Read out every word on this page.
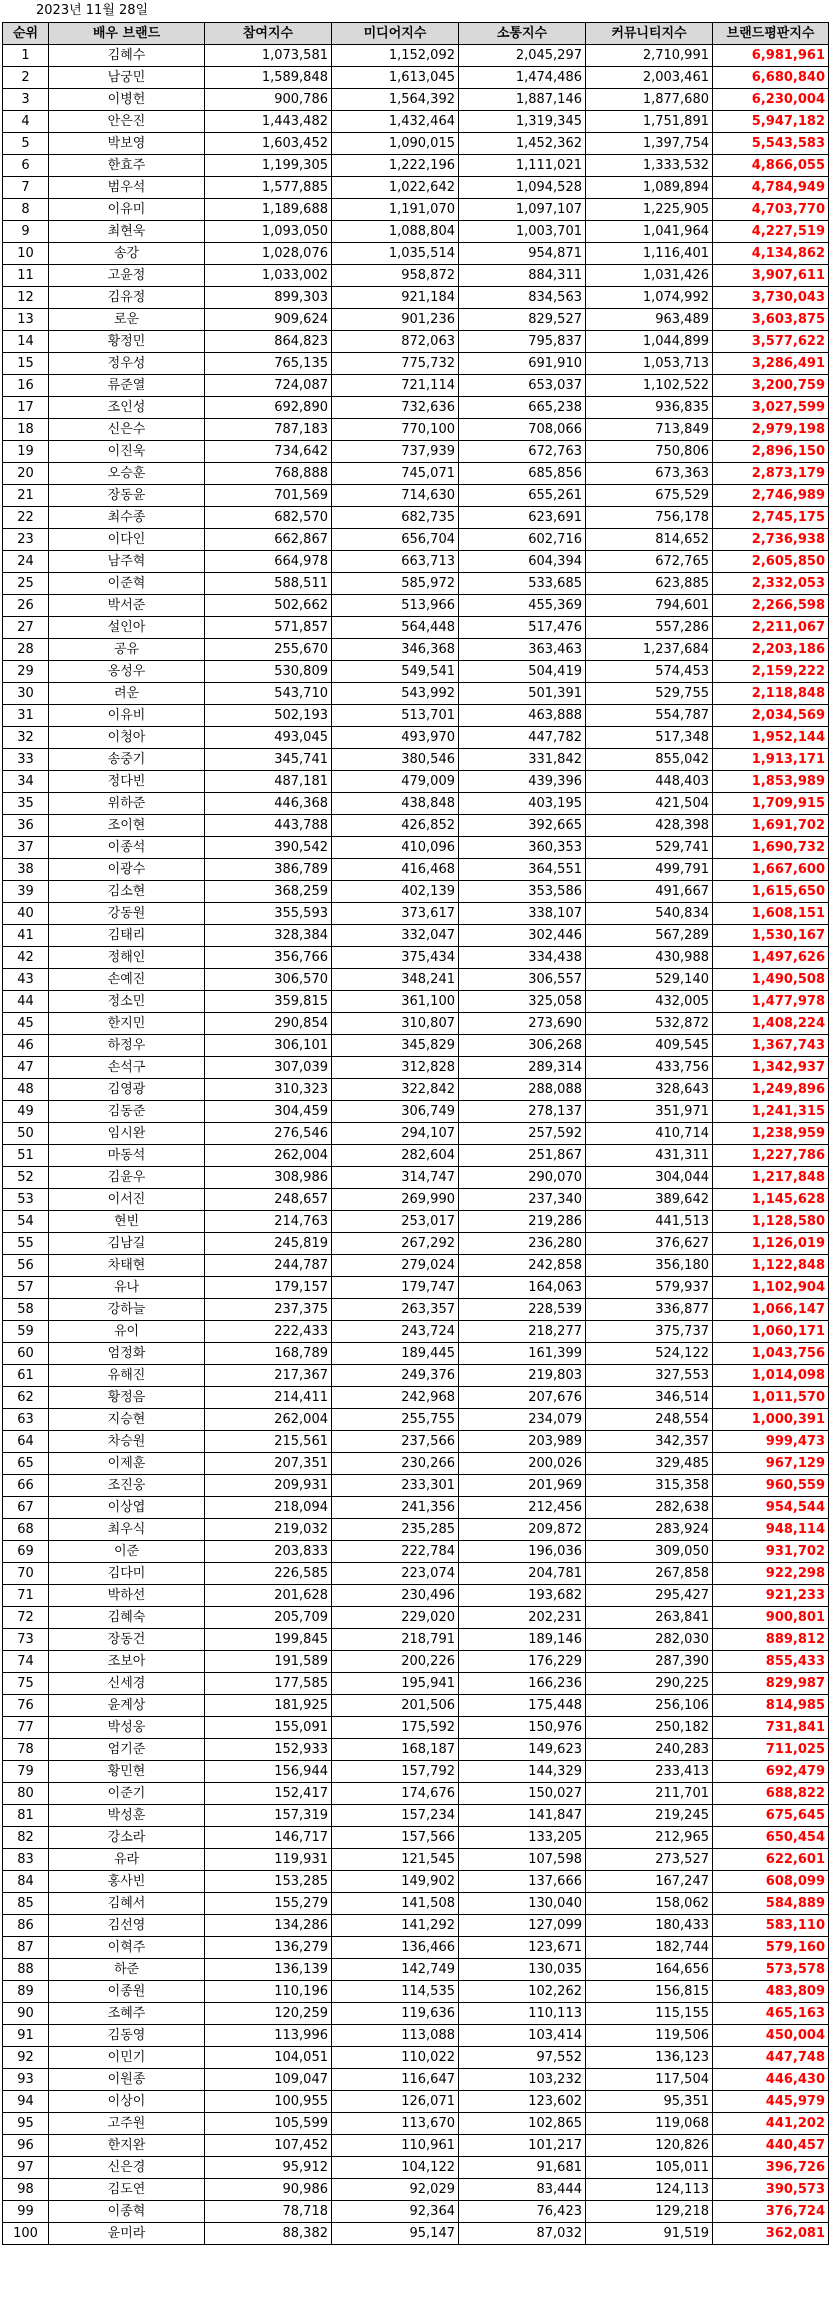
2023년 11월 28일
순위	배우 브랜드	참여지수	미디어지수	소통지수	커뮤니티지수	브랜드평판지수
1	김혜수	1,073,581	1,152,092	2,045,297	2,710,991	6,981,961
2	남궁민	1,589,848	1,613,045	1,474,486	2,003,461	6,680,840
3	이병헌	900,786	1,564,392	1,887,146	1,877,680	6,230,004
4	안은진	1,443,482	1,432,464	1,319,345	1,751,891	5,947,182
5	박보영	1,603,452	1,090,015	1,452,362	1,397,754	5,543,583
6	한효주	1,199,305	1,222,196	1,111,021	1,333,532	4,866,055
7	범우석	1,577,885	1,022,642	1,094,528	1,089,894	4,784,949
8	이유미	1,189,688	1,191,070	1,097,107	1,225,905	4,703,770
9	최현욱	1,093,050	1,088,804	1,003,701	1,041,964	4,227,519
10	송강	1,028,076	1,035,514	954,871	1,116,401	4,134,862
11	고윤정	1,033,002	958,872	884,311	1,031,426	3,907,611
12	김유정	899,303	921,184	834,563	1,074,992	3,730,043
13	로운	909,624	901,236	829,527	963,489	3,603,875
14	황정민	864,823	872,063	795,837	1,044,899	3,577,622
15	정우성	765,135	775,732	691,910	1,053,713	3,286,491
16	류준열	724,087	721,114	653,037	1,102,522	3,200,759
17	조인성	692,890	732,636	665,238	936,835	3,027,599
18	신은수	787,183	770,100	708,066	713,849	2,979,198
19	이진욱	734,642	737,939	672,763	750,806	2,896,150
20	오승훈	768,888	745,071	685,856	673,363	2,873,179
21	장동윤	701,569	714,630	655,261	675,529	2,746,989
22	최수종	682,570	682,735	623,691	756,178	2,745,175
23	이다인	662,867	656,704	602,716	814,652	2,736,938
24	남주혁	664,978	663,713	604,394	672,765	2,605,850
25	이준혁	588,511	585,972	533,685	623,885	2,332,053
26	박서준	502,662	513,966	455,369	794,601	2,266,598
27	설인아	571,857	564,448	517,476	557,286	2,211,067
28	공유	255,670	346,368	363,463	1,237,684	2,203,186
29	옹성우	530,809	549,541	504,419	574,453	2,159,222
30	려운	543,710	543,992	501,391	529,755	2,118,848
31	이유비	502,193	513,701	463,888	554,787	2,034,569
32	이청아	493,045	493,970	447,782	517,348	1,952,144
33	송중기	345,741	380,546	331,842	855,042	1,913,171
34	정다빈	487,181	479,009	439,396	448,403	1,853,989
35	위하준	446,368	438,848	403,195	421,504	1,709,915
36	조이현	443,788	426,852	392,665	428,398	1,691,702
37	이종석	390,542	410,096	360,353	529,741	1,690,732
38	이광수	386,789	416,468	364,551	499,791	1,667,600
39	김소현	368,259	402,139	353,586	491,667	1,615,650
40	강동원	355,593	373,617	338,107	540,834	1,608,151
41	김태리	328,384	332,047	302,446	567,289	1,530,167
42	정해인	356,766	375,434	334,438	430,988	1,497,626
43	손예진	306,570	348,241	306,557	529,140	1,490,508
44	정소민	359,815	361,100	325,058	432,005	1,477,978
45	한지민	290,854	310,807	273,690	532,872	1,408,224
46	하정우	306,101	345,829	306,268	409,545	1,367,743
47	손석구	307,039	312,828	289,314	433,756	1,342,937
48	김영광	310,323	322,842	288,088	328,643	1,249,896
49	김동준	304,459	306,749	278,137	351,971	1,241,315
50	임시완	276,546	294,107	257,592	410,714	1,238,959
51	마동석	262,004	282,604	251,867	431,311	1,227,786
52	김윤우	308,986	314,747	290,070	304,044	1,217,848
53	이서진	248,657	269,990	237,340	389,642	1,145,628
54	현빈	214,763	253,017	219,286	441,513	1,128,580
55	김남길	245,819	267,292	236,280	376,627	1,126,019
56	차태현	244,787	279,024	242,858	356,180	1,122,848
57	유나	179,157	179,747	164,063	579,937	1,102,904
58	강하늘	237,375	263,357	228,539	336,877	1,066,147
59	유이	222,433	243,724	218,277	375,737	1,060,171
60	엄정화	168,789	189,445	161,399	524,122	1,043,756
61	유해진	217,367	249,376	219,803	327,553	1,014,098
62	황정음	214,411	242,968	207,676	346,514	1,011,570
63	지승현	262,004	255,755	234,079	248,554	1,000,391
64	차승원	215,561	237,566	203,989	342,357	999,473
65	이제훈	207,351	230,266	200,026	329,485	967,129
66	조진웅	209,931	233,301	201,969	315,358	960,559
67	이상엽	218,094	241,356	212,456	282,638	954,544
68	최우식	219,032	235,285	209,872	283,924	948,114
69	이준	203,833	222,784	196,036	309,050	931,702
70	김다미	226,585	223,074	204,781	267,858	922,298
71	박하선	201,628	230,496	193,682	295,427	921,233
72	김혜숙	205,709	229,020	202,231	263,841	900,801
73	장동건	199,845	218,791	189,146	282,030	889,812
74	조보아	191,589	200,226	176,229	287,390	855,433
75	신세경	177,585	195,941	166,236	290,225	829,987
76	윤계상	181,925	201,506	175,448	256,106	814,985
77	박성웅	155,091	175,592	150,976	250,182	731,841
78	엄기준	152,933	168,187	149,623	240,283	711,025
79	황민현	156,944	157,792	144,329	233,413	692,479
80	이준기	152,417	174,676	150,027	211,701	688,822
81	박성훈	157,319	157,234	141,847	219,245	675,645
82	강소라	146,717	157,566	133,205	212,965	650,454
83	유라	119,931	121,545	107,598	273,527	622,601
84	홍사빈	153,285	149,902	137,666	167,247	608,099
85	김혜서	155,279	141,508	130,040	158,062	584,889
86	김선영	134,286	141,292	127,099	180,433	583,110
87	이혁주	136,279	136,466	123,671	182,744	579,160
88	하준	136,139	142,749	130,035	164,656	573,578
89	이종원	110,196	114,535	102,262	156,815	483,809
90	조혜주	120,259	119,636	110,113	115,155	465,163
91	김동영	113,996	113,088	103,414	119,506	450,004
92	이민기	104,051	110,022	97,552	136,123	447,748
93	이원종	109,047	116,647	103,232	117,504	446,430
94	이상이	100,955	126,071	123,602	95,351	445,979
95	고주원	105,599	113,670	102,865	119,068	441,202
96	한지완	107,452	110,961	101,217	120,826	440,457
97	신은경	95,912	104,122	91,681	105,011	396,726
98	김도연	90,986	92,029	83,444	124,113	390,573
99	이종혁	78,718	92,364	76,423	129,218	376,724
100	윤미라	88,382	95,147	87,032	91,519	362,081
